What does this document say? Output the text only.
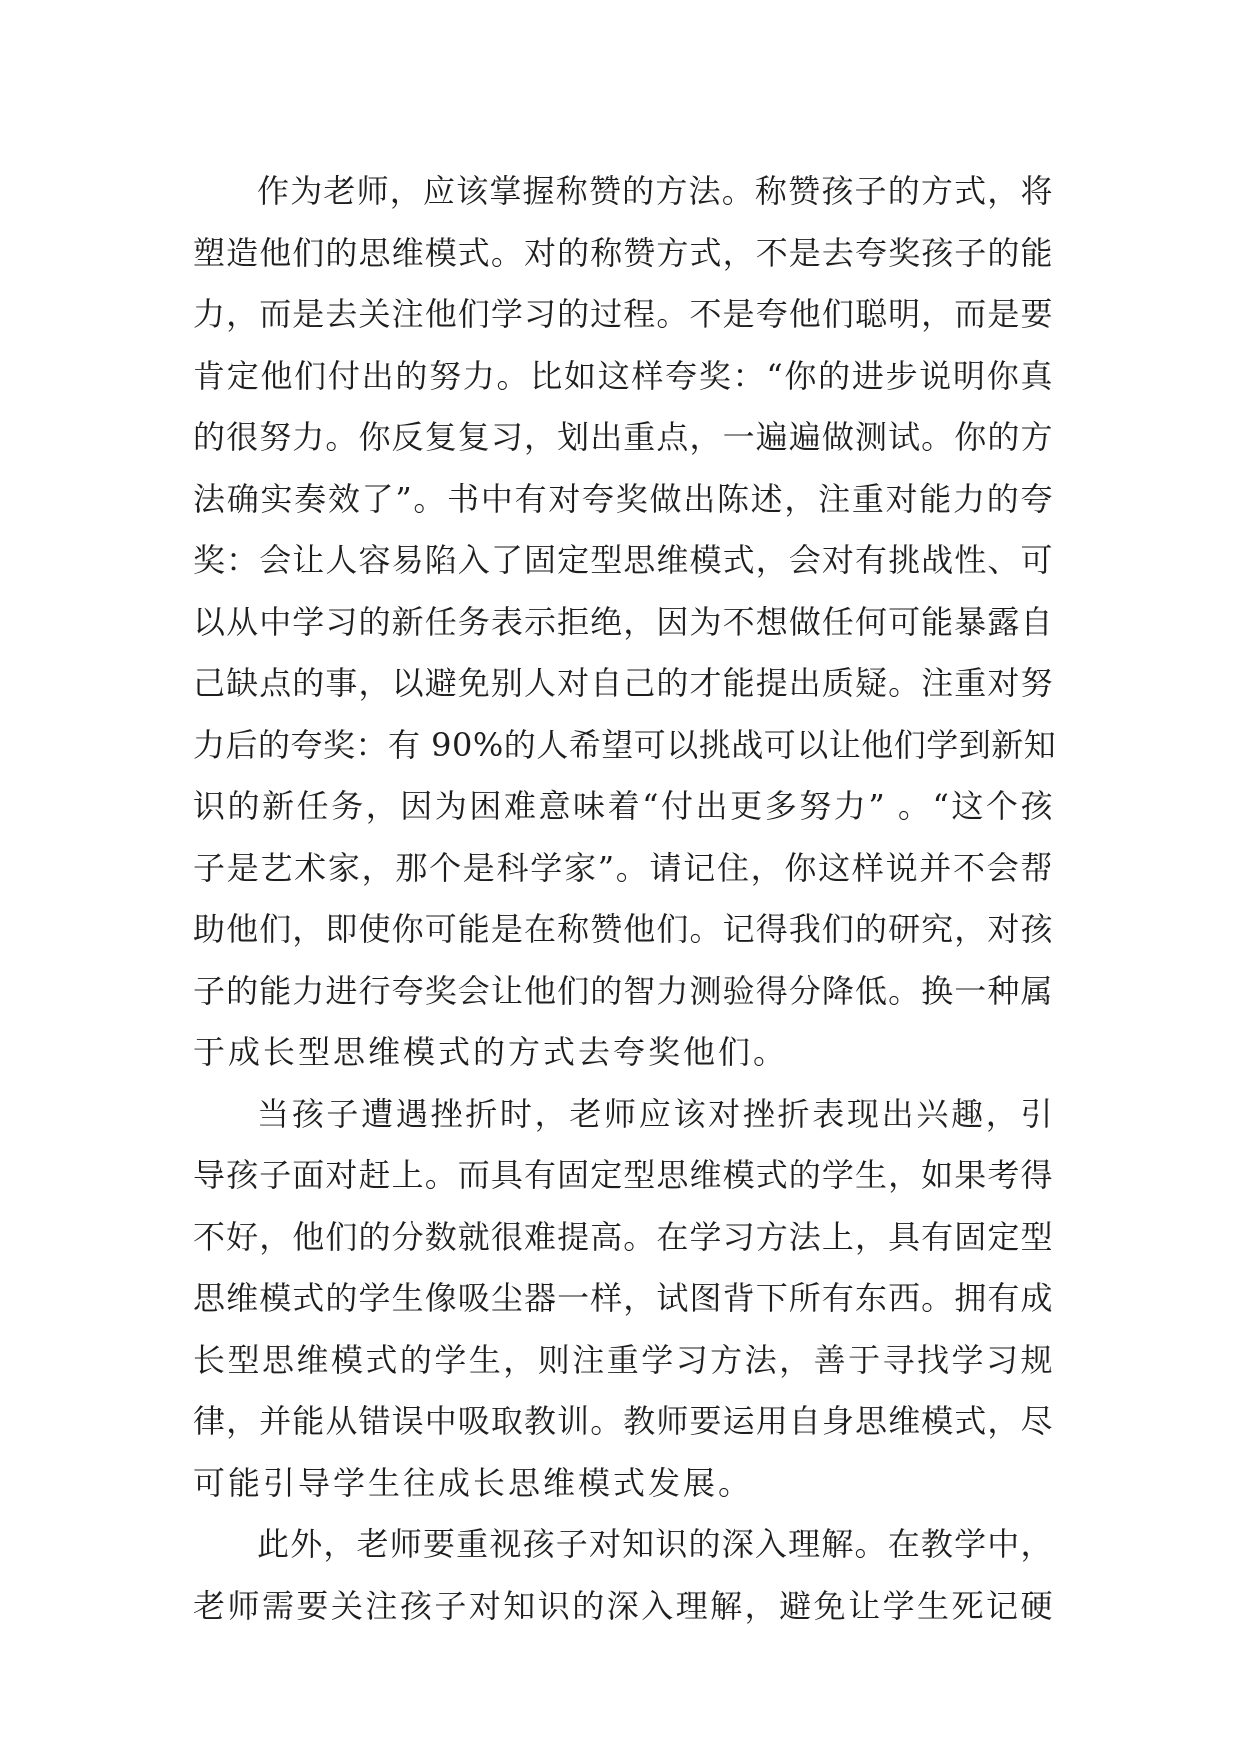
作为老师，应该掌握称赞的方法。称赞孩子的方式，将
塑造他们的思维模式。对的称赞方式，不是去夸奖孩子的能
力，而是去关注他们学习的过程。不是夸他们聪明，而是要
肯定他们付出的努力。比如这样夸奖：“你的进步说明你真
的很努力。你反复复习，划出重点，一遍遍做测试。你的方
法确实奏效了”。书中有对夸奖做出陈述，注重对能力的夸
奖：会让人容易陷入了固定型思维模式，会对有挑战性、可
以从中学习的新任务表示拒绝，因为不想做任何可能暴露自
己缺点的事，以避免别人对自己的才能提出质疑。注重对努
力后的夸奖：有 90%的人希望可以挑战可以让他们学到新知
识的新任务，因为困难意味着“付出更多努力” 。“这个孩
子是艺术家，那个是科学家”。请记住，你这样说并不会帮
助他们，即使你可能是在称赞他们。记得我们的研究，对孩
子的能力进行夸奖会让他们的智力测验得分降低。换一种属
于成长型思维模式的方式去夸奖他们。
当孩子遭遇挫折时，老师应该对挫折表现出兴趣，引
导孩子面对赶上。而具有固定型思维模式的学生，如果考得
不好，他们的分数就很难提高。在学习方法上，具有固定型
思维模式的学生像吸尘器一样，试图背下所有东西。拥有成
长型思维模式的学生，则注重学习方法，善于寻找学习规
律，并能从错误中吸取教训。教师要运用自身思维模式，尽
可能引导学生往成长思维模式发展。
此外，老师要重视孩子对知识的深入理解。在教学中，
老师需要关注孩子对知识的深入理解，避免让学生死记硬
